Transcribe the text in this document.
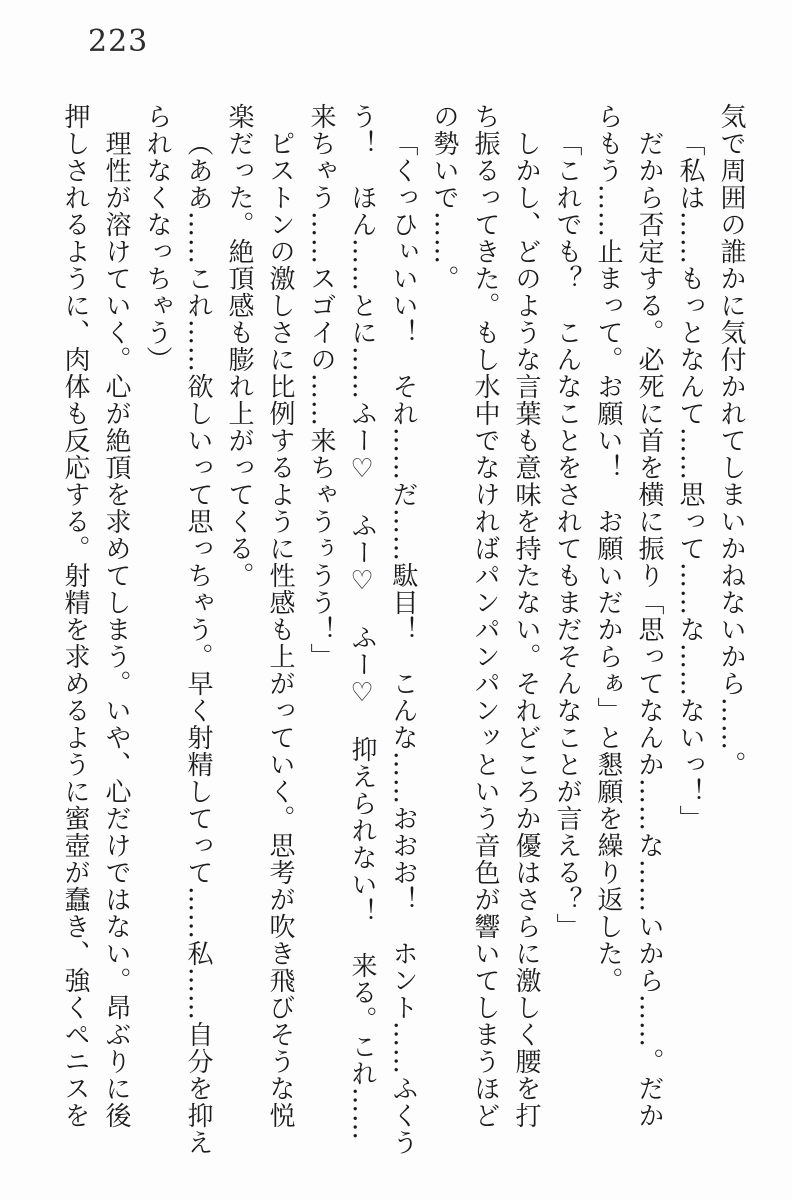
223

気で周囲の誰かに気付かれてしまいかねないから……。

「私は……もっとなんて……思って……な……ないっ！」

だから否定する。必死に首を横に振り「思ってなんか……な……いから……。だか

らもう……止まって。お願い！　お願いだからぁ」と懇願を繰り返した。

「これでも？　こんなことをされてもまだそんなことが言える？」

しかし、どのような言葉も意味を持たない。それどころか優はさらに激しく腰を打

ち振るってきた。もし水中でなければパンパンパンッという音色が響いてしまうほど

の勢いで……。

「くっひぃいい！　それ……だ……駄目！　こんな……おおお！　ホント……ふくう

う！　ほん……とに……ふー♡　ふー♡　ふー♡　抑えられない！　来る。これ……

来ちゃう……スゴイの……来ちゃうぅうう！」

ピストンの激しさに比例するように性感も上がっていく。思考が吹き飛びそうな悦

楽だった。絶頂感も膨れ上がってくる。

（ああ……これ……欲しいって思っちゃう。早く射精してって……私……自分を抑え

られなくなっちゃう）

理性が溶けていく。心が絶頂を求めてしまう。いや、心だけではない。昂ぶりに後

押しされるように、肉体も反応する。射精を求めるように蜜壺が蠢き、強くペニスを
